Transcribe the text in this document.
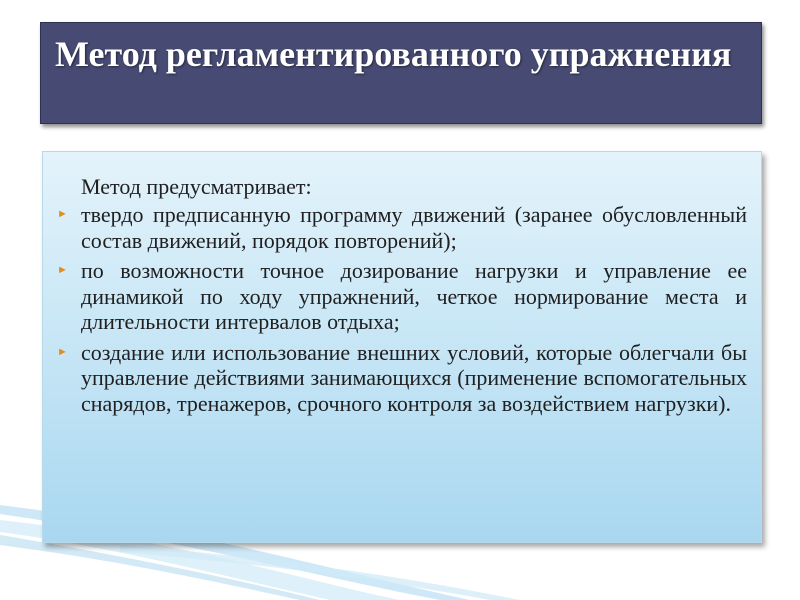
Метод регламентированного упражнения

Метод предусматривает:

► твердо предписанную программу движений (заранее обусловленный состав движений, порядок повторений);
► по возможности точное дозирование нагрузки и управление ее динамикой по ходу упражнений, четкое нормирование места и длительности интервалов отдыха;
► создание или использование внешних условий, которые облегчали бы управление действиями занимающихся (применение вспомогательных снарядов, тренажеров, срочного контроля за воздействием нагрузки).
